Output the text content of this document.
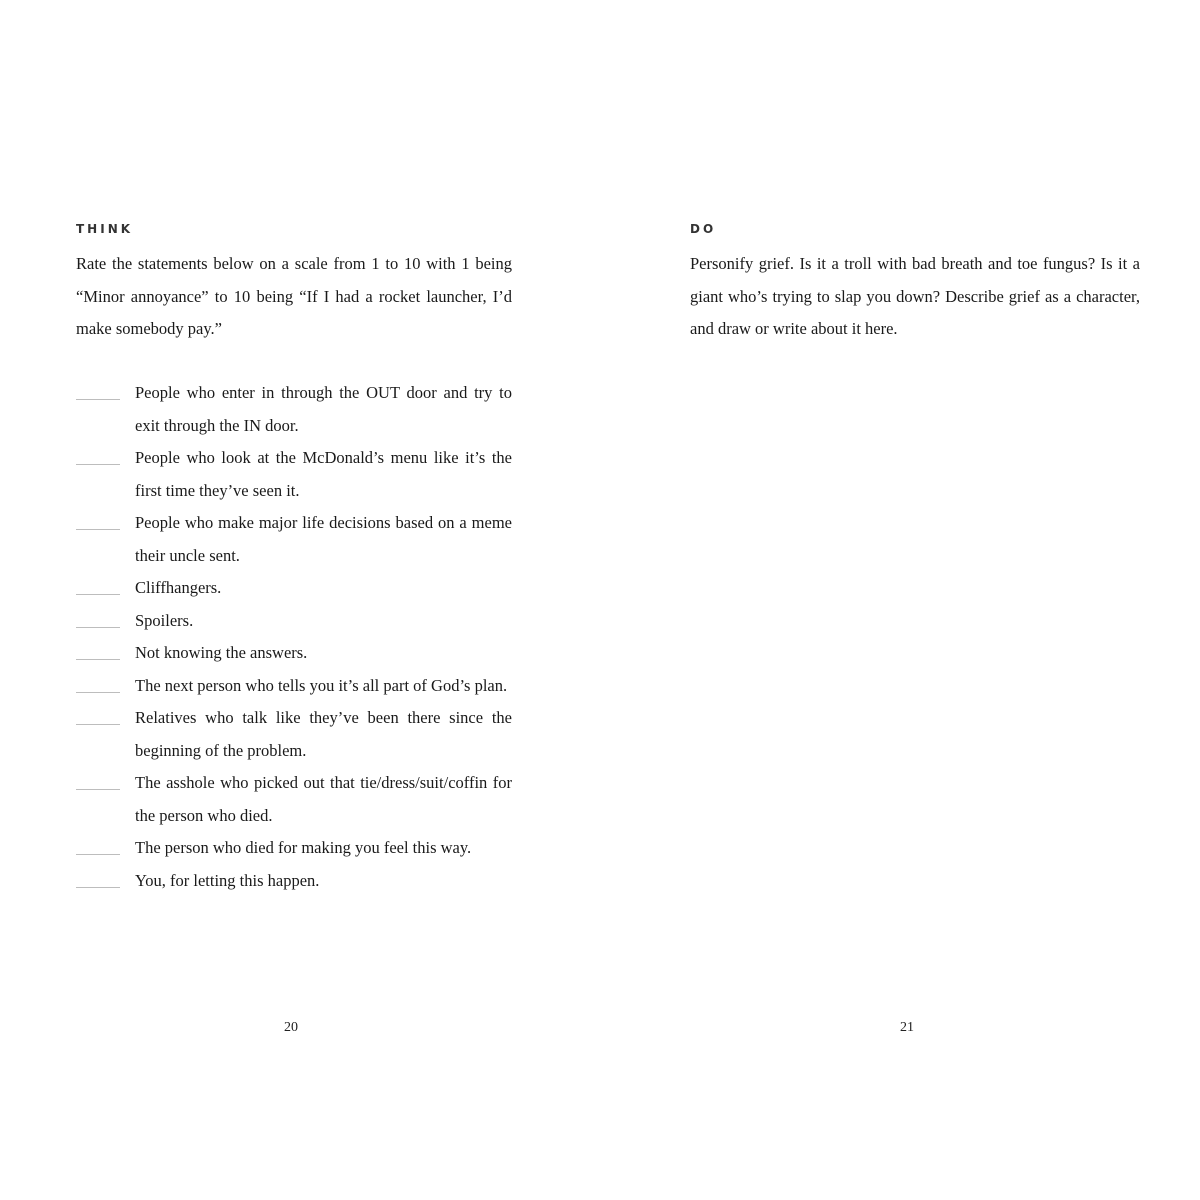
THINK
Rate the statements below on a scale from 1 to 10 with 1 being “Minor annoyance” to 10 being “If I had a rocket launcher, I’d make somebody pay.”
People who enter in through the OUT door and try to exit through the IN door.
People who look at the McDonald’s menu like it’s the first time they’ve seen it.
People who make major life decisions based on a meme their uncle sent.
Cliffhangers.
Spoilers.
Not knowing the answers.
The next person who tells you it’s all part of God’s plan.
Relatives who talk like they’ve been there since the beginning of the problem.
The asshole who picked out that tie/dress/suit/coffin for the person who died.
The person who died for making you feel this way.
You, for letting this happen.
20
DO
Personify grief. Is it a troll with bad breath and toe fungus? Is it a giant who’s trying to slap you down? Describe grief as a character, and draw or write about it here.
21
